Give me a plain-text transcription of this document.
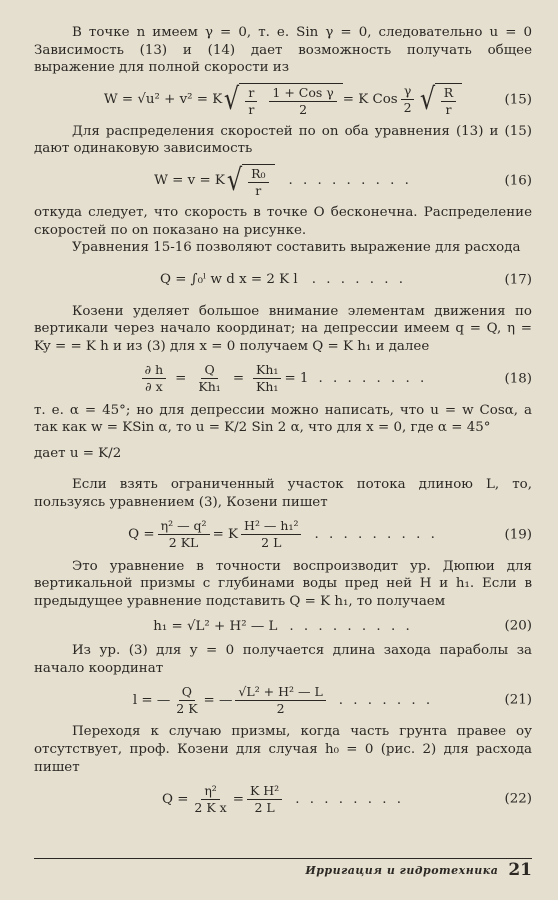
В точке n имеем γ = 0, т. е. Sin γ = 0, следовательно u = 0 Зависимость (13) и (14) дает возможность получать общее выражение для полной скорости из

W = √u² + v² = K √ $\frac{r}{r} \frac{\text{1 + Cos γ}}{2} = K$ Cos $\frac{\gamma}{2}$ √ $\frac{R}{r}$	(15)

Для распределения скоростей по оn оба уравнения (13) и (15) дают одинаковую зависимость

W = v = K √ $\frac{\text{R₀}}{r}$ . . . . . . . . .	(16)

откуда следует, что скорость в точке О бесконечна. Распределение скоростей по оn показано на рисунке.

Уравнения 15-16 позволяют составить выражение для расхода

Q = ∫₀ˡ w d x = 2 K l . . . . . . .	(17)

Козени уделяет большое внимание элементам движения по вертикали через начало координат; на депрессии имеем q = Q, η = Ky = = K h и из (3) для x = 0 получаем Q = K h₁ и далее

$\frac{\partial h}{\partial x} = \frac{Q}{\text{Kh₁}} = \frac{\text{Kh₁}}{\text{Kh₁}} = 1$ . . . . . . . .	(18)

т. е. α = 45°; но для депрессии можно написать, что u = w Cosα, а так как w = KSin α, то u = K/2 Sin 2 α, что для x = 0, где α = 45°

дает u = K/2

Если взять ограниченный участок потока длиною L, то, пользуясь уравнением (3), Козени пишет

$Q = \frac{\text{η² — q²}}{2 KL} = K \frac{\text{H² — h₁²}}{2 L}$ . . . . . . . . .	(19)

Это уравнение в точности воспроизводит ур. Дюпюи для вертикальной призмы с глубинами воды пред ней H и h₁. Если в предыдущее уравнение подставить Q = K h₁, то получаем

h₁ = √L² + H² — L . . . . . . . . .	(20)

Из ур. (3) для y = 0 получается длина захода параболы за начало координат

l = — $\frac{Q}{2 K}$ = — $\frac{\text{√L² + H² — L}}{2}$ . . . . . . .	(21)

Переходя к случаю призмы, когда часть грунта правее оу отсутствует, проф. Козени для случая h₀ = 0 (рис. 2) для расхода пишет

$Q = \frac{\text{η²}}{\text{2 K x}} = \frac{\text{K H²}}{2 L}$ . . . . . . . .	(22)
Ирригация и гидротехника 21
